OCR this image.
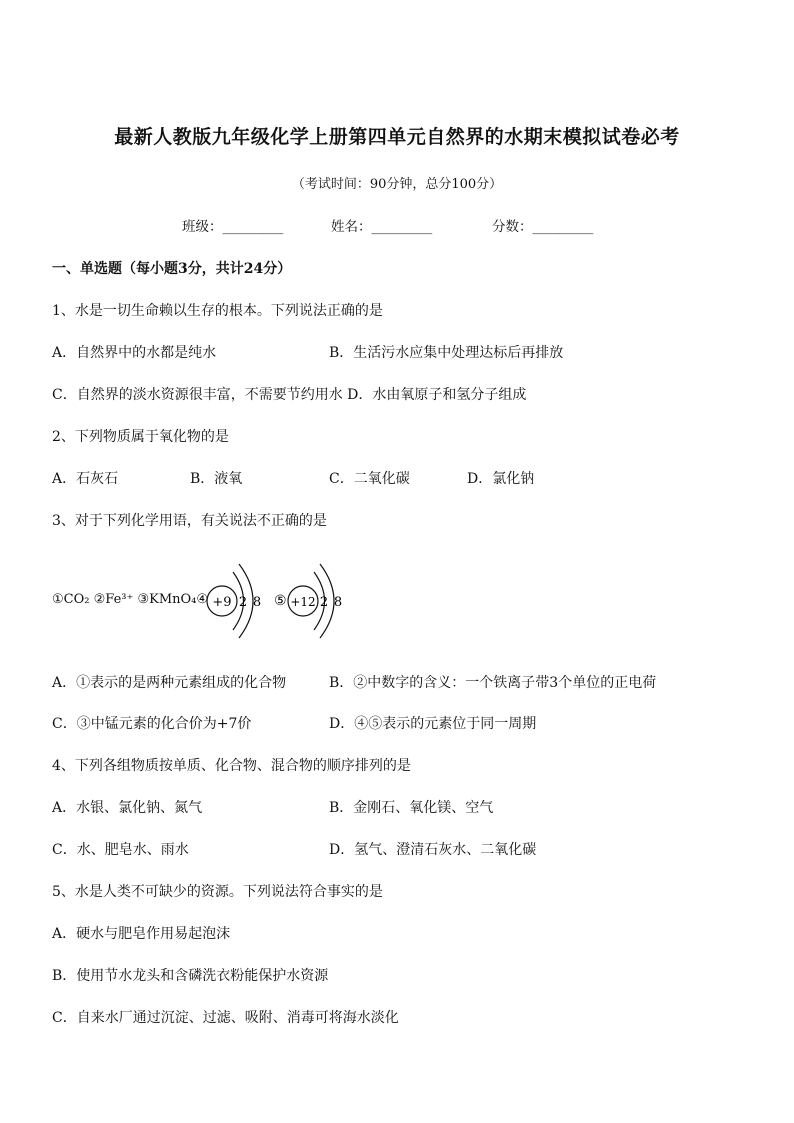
最新人教版九年级化学上册第四单元自然界的水期末模拟试卷必考
（考试时间：90分钟，总分100分）
班级：_________	姓名：_________	分数：_________
一、单选题（每小题3分，共计24分）
1、水是一切生命赖以生存的根本。下列说法正确的是
A．自然界中的水都是纯水	B．生活污水应集中处理达标后再排放
C．自然界的淡水资源很丰富，不需要节约用水 D．水由氧原子和氢分子组成
2、下列物质属于氧化物的是
A．石灰石	B．液氧	C．二氧化碳	D．氯化钠
3、对于下列化学用语，有关说法不正确的是
①CO₂ ②Fe³⁺ ③KMnO₄④ +9 2 8 ⑤ +12 2 8
A．①表示的是两种元素组成的化合物	B．②中数字的含义：一个铁离子带3个单位的正电荷
C．③中锰元素的化合价为+7价	D．④⑤表示的元素位于同一周期
4、下列各组物质按单质、化合物、混合物的顺序排列的是
A．水银、氯化钠、氮气	B．金刚石、氧化镁、空气
C．水、肥皂水、雨水	D．氢气、澄清石灰水、二氧化碳
5、水是人类不可缺少的资源。下列说法符合事实的是
A．硬水与肥皂作用易起泡沫
B．使用节水龙头和含磷洗衣粉能保护水资源
C．自来水厂通过沉淀、过滤、吸附、消毒可将海水淡化
